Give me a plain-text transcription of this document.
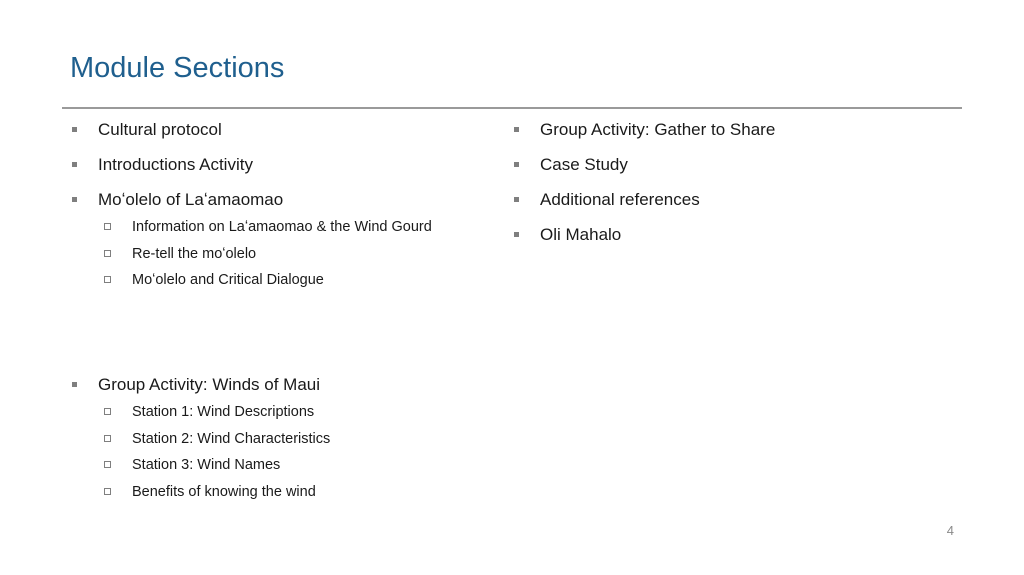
Module Sections
Cultural protocol
Introductions Activity
Moʻolelo of Laʻamaomao
Information on Laʻamaomao & the Wind Gourd
Re-tell the moʻolelo
Moʻolelo and Critical Dialogue
Group Activity: Winds of Maui
Station 1: Wind Descriptions
Station 2: Wind Characteristics
Station 3: Wind Names
Benefits of knowing the wind
Group Activity: Gather to Share
Case Study
Additional references
Oli Mahalo
4
